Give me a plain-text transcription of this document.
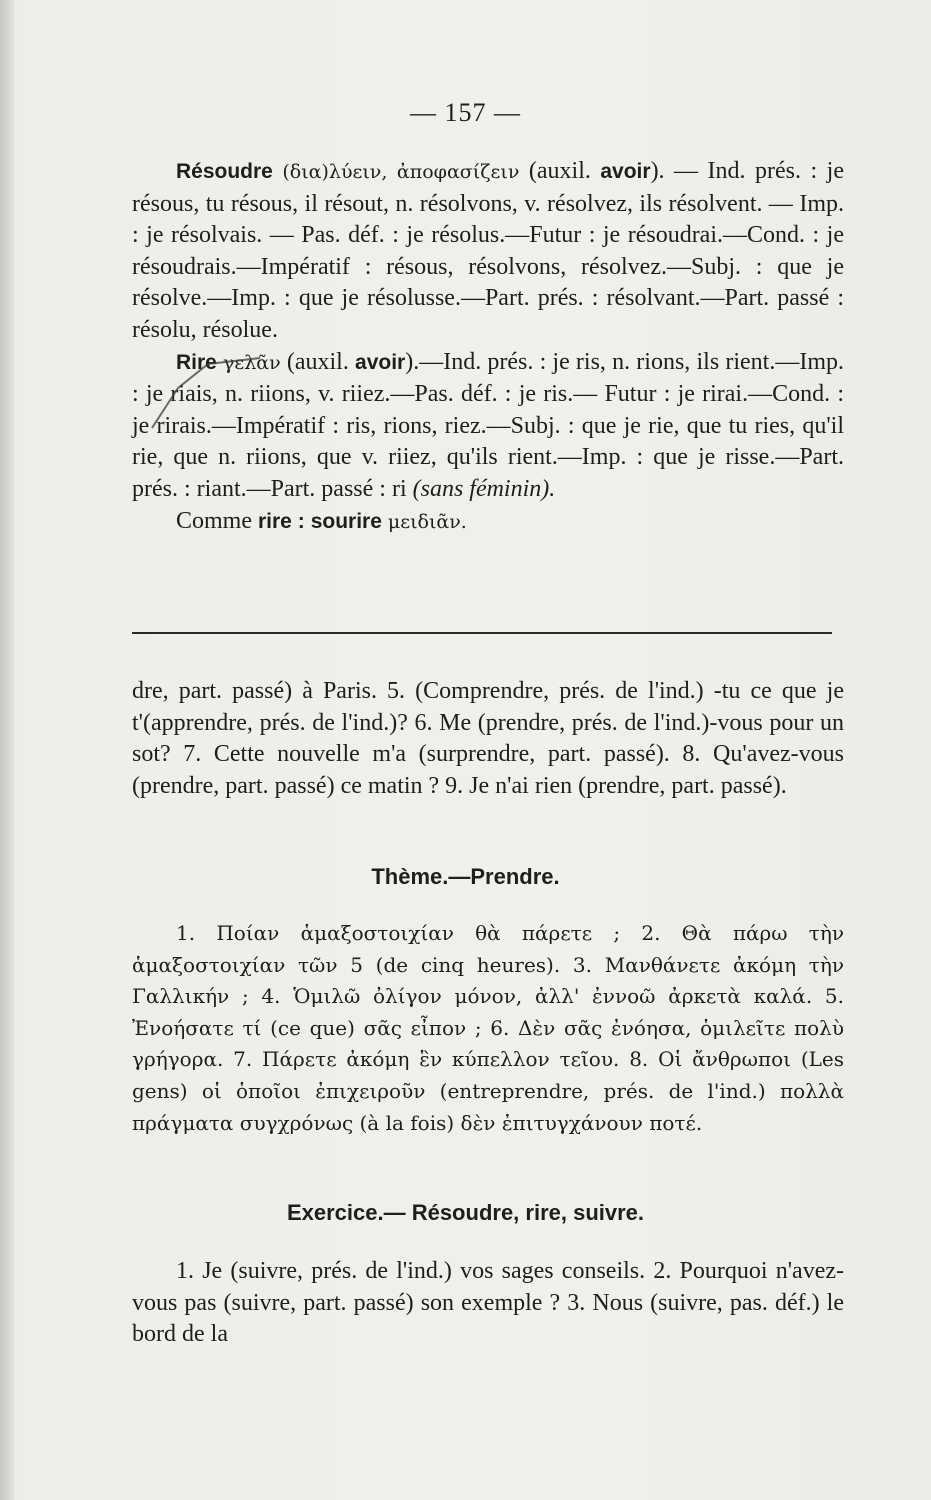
— 157 —

Résoudre (δια)λύειν, ἀποφασίζειν (auxil. avoir). — Ind. prés. : je résous, tu résous, il résout, n. résolvons, v. résolvez, ils résolvent. — Imp. : je résolvais. — Pas. déf. : je résolus.—Futur : je résoudrai.—Cond. : je résoudrais.—Impératif : résous, résolvons, résolvez.—Subj. : que je résolve.—Imp. : que je résolusse.—Part. prés. : résolvant.—Part. passé : résolu, résolue.

Rire γελᾶν (auxil. avoir).—Ind. prés. : je ris, n. rions, ils rient.—Imp. : je riais, n. riions, v. riiez.—Pas. déf. : je ris.— Futur : je rirai.—Cond. : je rirais.—Impératif : ris, rions, riez.—Subj. : que je rie, que tu ries, qu'il rie, que n. riions, que v. riiez, qu'ils rient.—Imp. : que je risse.—Part. prés. : riant.—Part. passé : ri (sans féminin).

Comme rire : sourire μειδιᾶν.

dre, part. passé) à Paris. 5. (Comprendre, prés. de l'ind.) -tu ce que je t'(apprendre, prés. de l'ind.)? 6. Me (prendre, prés. de l'ind.)-vous pour un sot? 7. Cette nouvelle m'a (surprendre, part. passé). 8. Qu'avez-vous (prendre, part. passé) ce matin ? 9. Je n'ai rien (prendre, part. passé).

Thème.—Prendre.

1. Ποίαν ἁμαξοστοιχίαν θὰ πάρετε ; 2. Θὰ πάρω τὴν ἁμαξοστοιχίαν τῶν 5 (de cinq heures). 3. Μανθάνετε ἀκόμη τὴν Γαλλικήν ; 4. Ὁμιλῶ ὀλίγον μόνον, ἀλλ' ἐννοῶ ἀρκετὰ καλά. 5. Ἐνοήσατε τί (ce que) σᾶς εἶπον ; 6. Δὲν σᾶς ἐνόησα, ὁμιλεῖτε πολὺ γρήγορα. 7. Πάρετε ἀκόμη ἓν κύπελλον τεῖου. 8. Οἱ ἄνθρωποι (Les gens) οἱ ὁποῖοι ἐπιχειροῦν (entreprendre, prés. de l'ind.) πολλὰ πράγματα συγχρόνως (à la fois) δὲν ἐπιτυγχάνουν ποτέ.

Exercice.— Résoudre, rire, suivre.

1. Je (suivre, prés. de l'ind.) vos sages conseils. 2. Pourquoi n'avez-vous pas (suivre, part. passé) son exemple ? 3. Nous (suivre, pas. déf.) le bord de la
